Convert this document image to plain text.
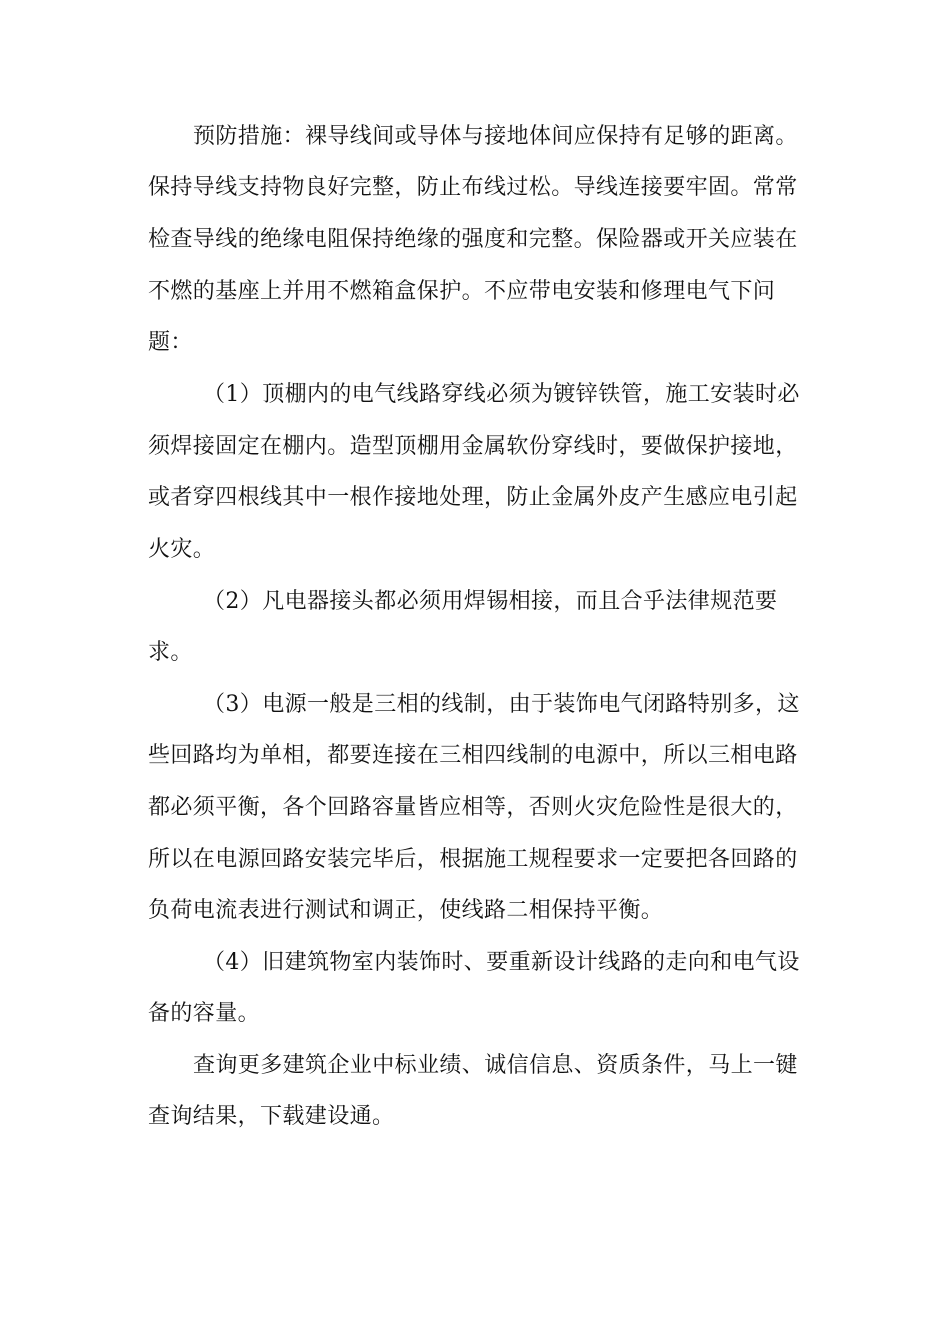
预防措施：裸导线间或导体与接地体间应保持有足够的距离。
保持导线支持物良好完整，防止布线过松。导线连接要牢固。常常
检查导线的绝缘电阻保持绝缘的强度和完整。保险器或开关应装在
不燃的基座上并用不燃箱盒保护。不应带电安装和修理电气下问
题：
（1）顶棚内的电气线路穿线必须为镀锌铁管，施工安装时必
须焊接固定在棚内。造型顶棚用金属软份穿线时，要做保护接地，
或者穿四根线其中一根作接地处理，防止金属外皮产生感应电引起
火灾。
（2）凡电器接头都必须用焊锡相接，而且合乎法律规范要
求。
（3）电源一般是三相的线制，由于装饰电气闭路特别多，这
些回路均为单相，都要连接在三相四线制的电源中，所以三相电路
都必须平衡，各个回路容量皆应相等，否则火灾危险性是很大的，
所以在电源回路安装完毕后，根据施工规程要求一定要把各回路的
负荷电流表进行测试和调正，使线路二相保持平衡。
（4）旧建筑物室内装饰时、要重新设计线路的走向和电气设
备的容量。
查询更多建筑企业中标业绩、诚信信息、资质条件，马上一键
查询结果，下载建设通。
